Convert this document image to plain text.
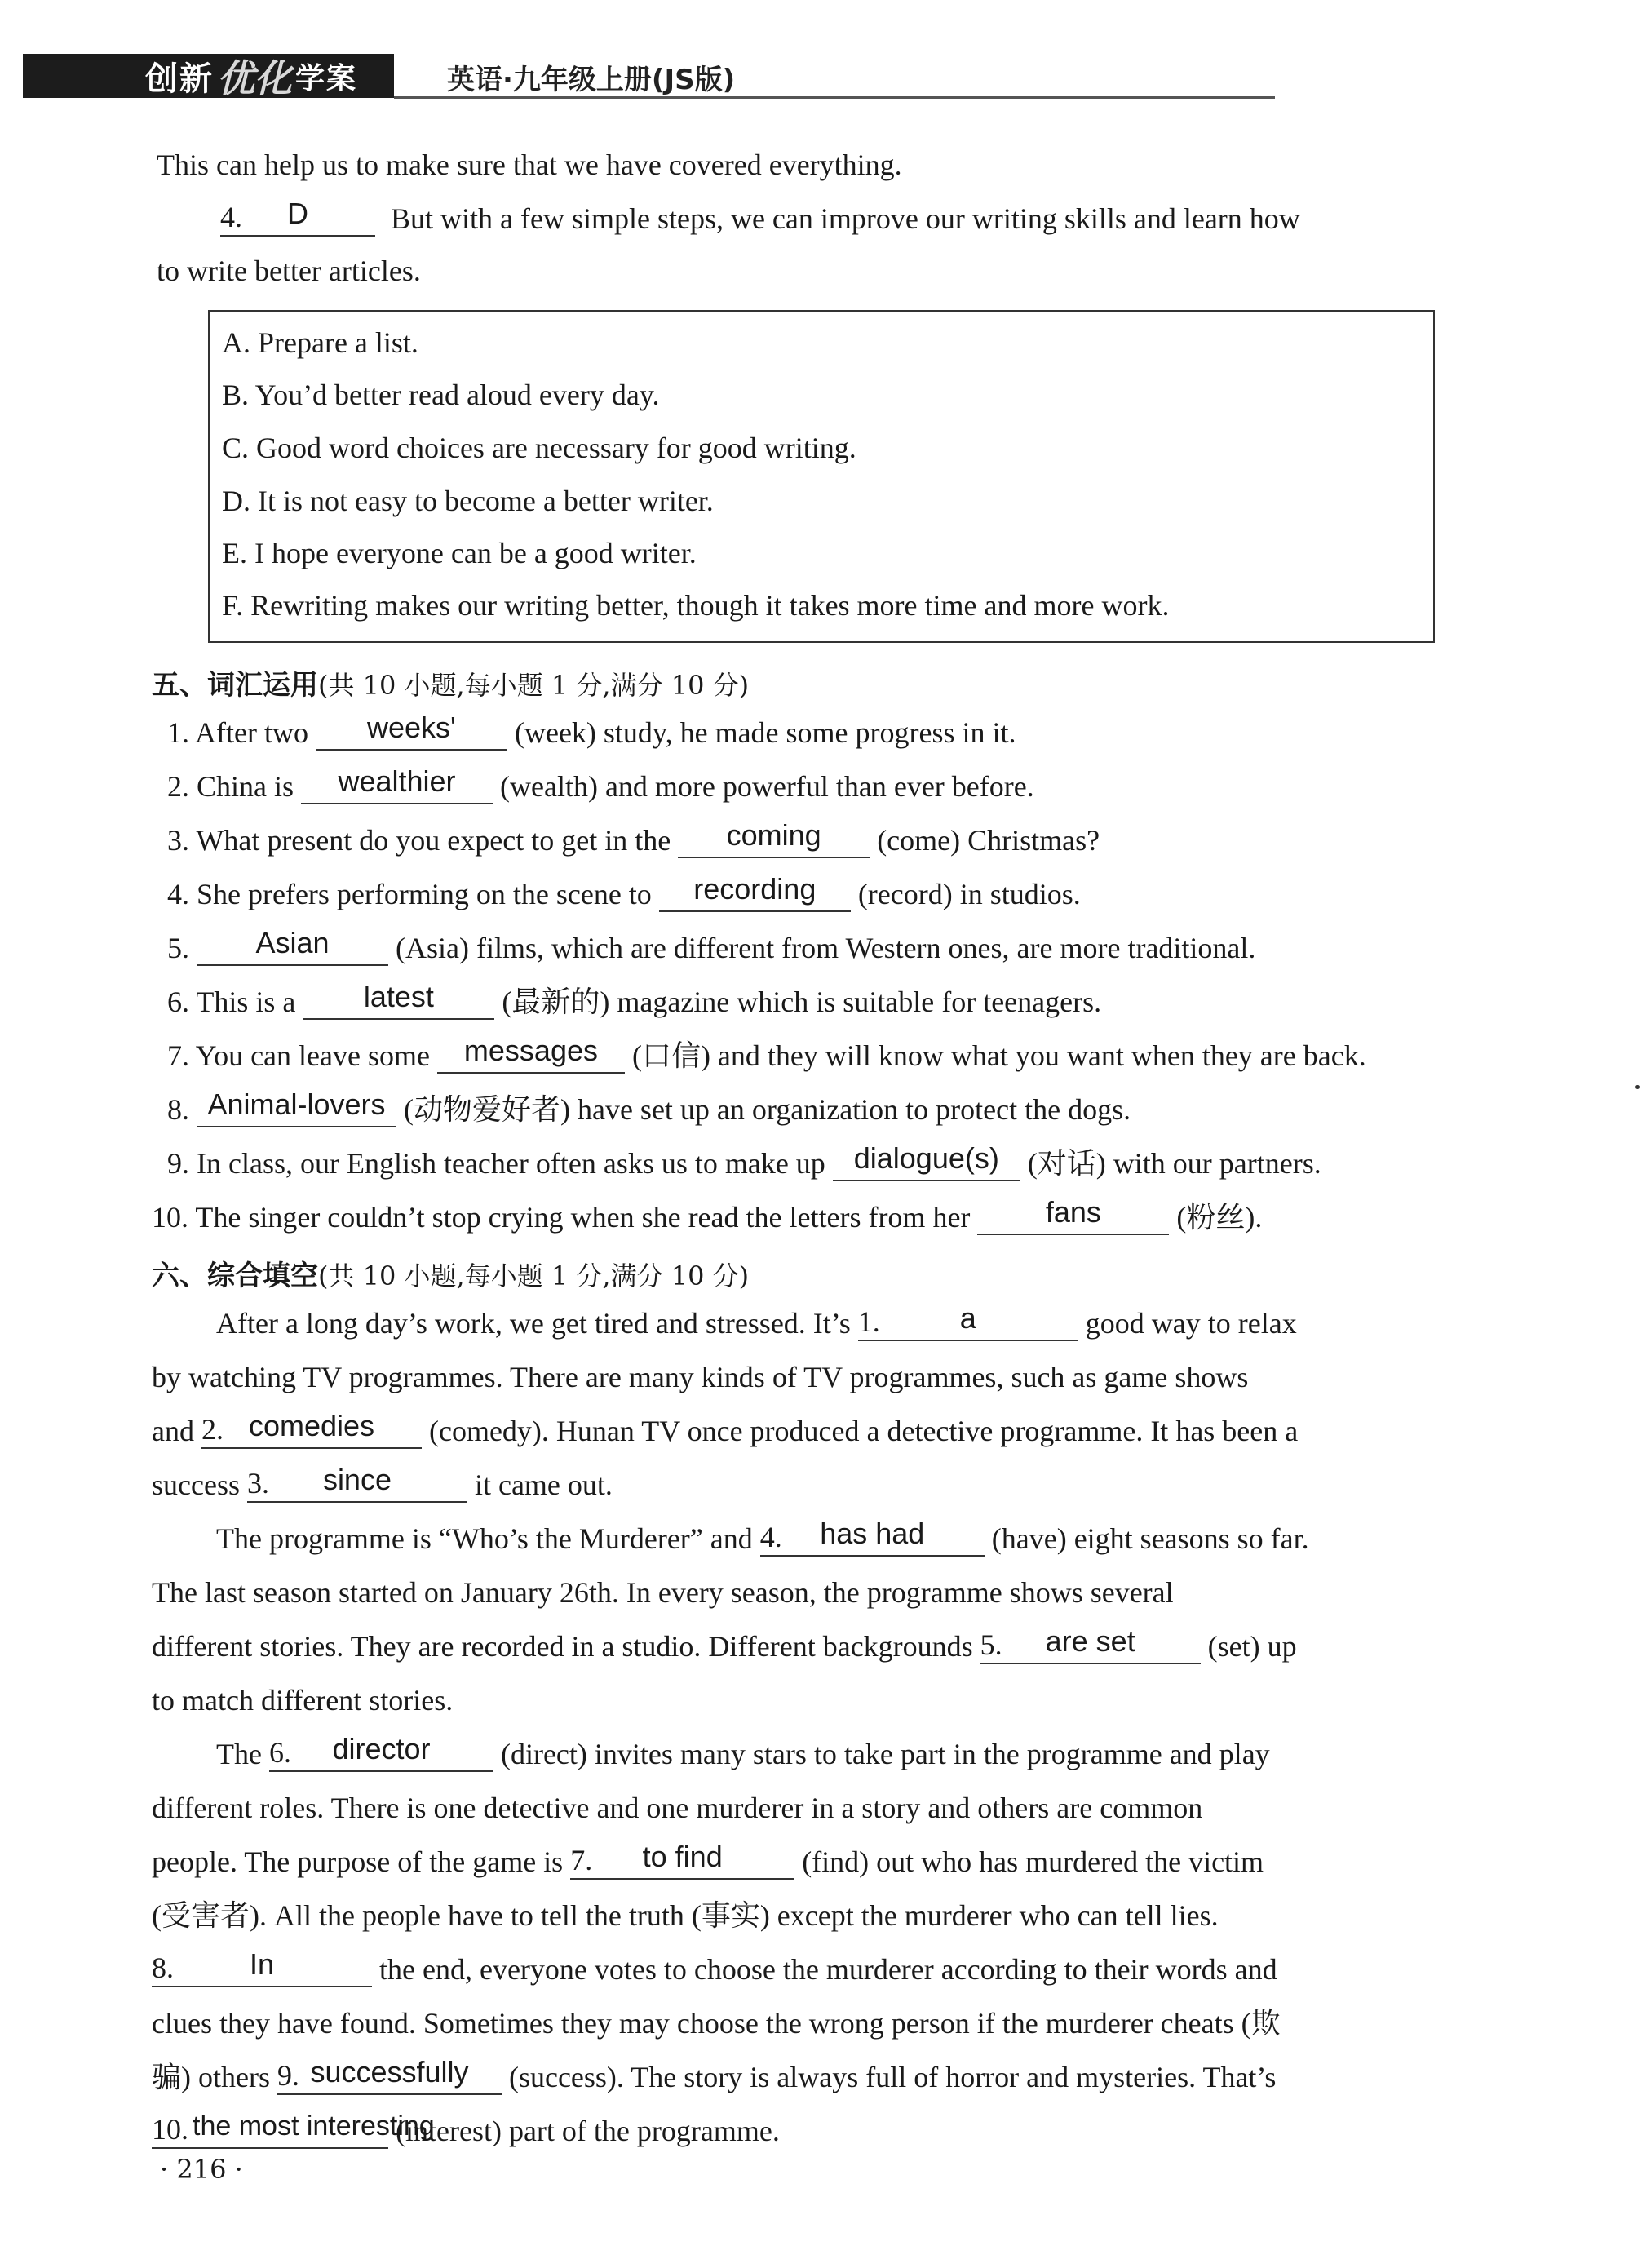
创新 优化 学案	英语·九年级上册(JS版)
This can help us to make sure that we have covered everything.
4.	D	But with a few simple steps, we can improve our writing skills and learn how
to write better articles.
A. Prepare a list.
B. You’d better read aloud every day.
C. Good word choices are necessary for good writing.
D. It is not easy to become a better writer.
E. I hope everyone can be a good writer.
F. Rewriting makes our writing better, though it takes more time and more work.
五、词汇运用(共 10 小题,每小题 1 分,满分 10 分)
1. After two	weeks'	(week) study, he made some progress in it.
2. China is	wealthier	(wealth) and more powerful than ever before.
3. What present do you expect to get in the	coming	(come) Christmas?
4. She prefers performing on the scene to	recording	(record) in studios.
5.	Asian	(Asia) films, which are different from Western ones, are more traditional.
6. This is a	latest	(最新的) magazine which is suitable for teenagers.
7. You can leave some	messages	(口信) and they will know what you want when they are back.
8. Animal-lovers (动物爱好者) have set up an organization to protect the dogs.
9. In class, our English teacher often asks us to make up dialogue(s) (对话) with our partners.
10. The singer couldn’t stop crying when she read the letters from her	fans	(粉丝).
六、综合填空(共 10 小题,每小题 1 分,满分 10 分)
After a long day’s work, we get tired and stressed. It’s 1.	a	good way to relax
by watching TV programmes. There are many kinds of TV programmes, such as game shows
and 2. comedies	(comedy). Hunan TV once produced a detective programme. It has been a
success 3.	since	it came out.
The programme is “Who’s the Murderer” and 4.	has had	(have) eight seasons so far.
The last season started on January 26th. In every season, the programme shows several
different stories. They are recorded in a studio. Different backgrounds 5.	are set	(set) up
to match different stories.
The 6.	director	(direct) invites many stars to take part in the programme and play
different roles. There is one detective and one murderer in a story and others are common
people. The purpose of the game is 7.	to find	(find) out who has murdered the victim
(受害者). All the people have to tell the truth (事实) except the murderer who can tell lies.
8.	In	the end, everyone votes to choose the murderer according to their words and
clues they have found. Sometimes they may choose the wrong person if the murderer cheats (欺
骗) others 9. successfully	(success). The story is always full of horror and mysteries. That’s
10. the most interesting
(interest) part of the programme.
· 216 ·
